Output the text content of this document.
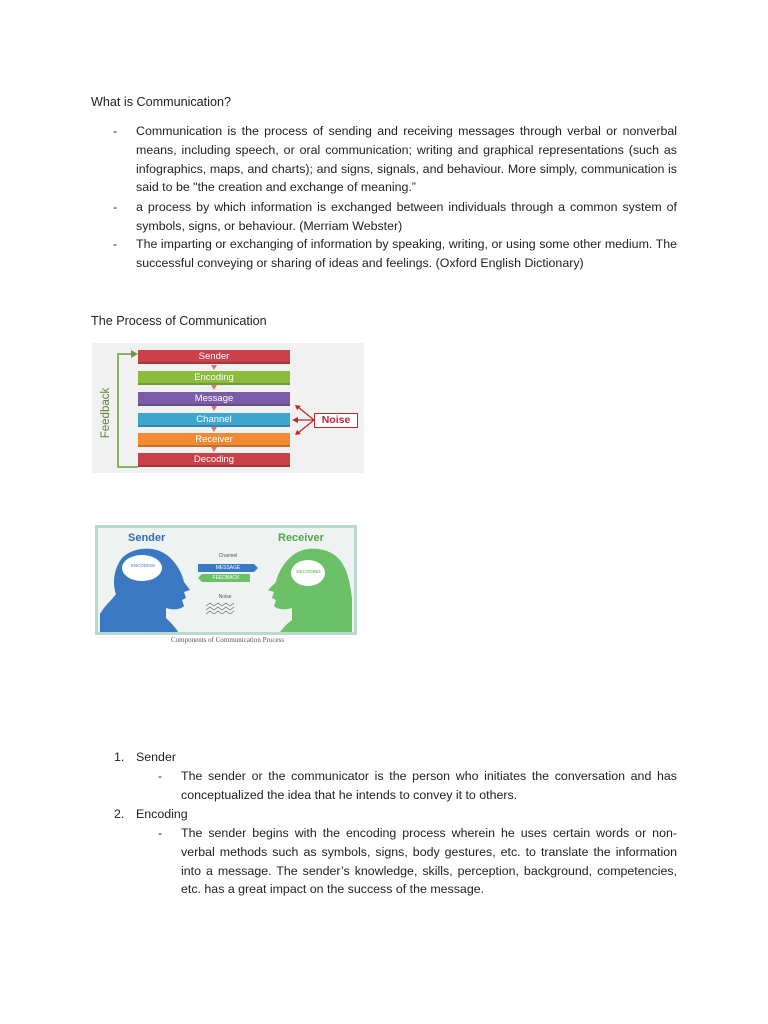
What is Communication?
-	Communication is the process of sending and receiving messages through verbal or nonverbal means, including speech, or oral communication; writing and graphical representations (such as infographics, maps, and charts); and signs, signals, and behaviour. More simply, communication is said to be "the creation and exchange of meaning.”
-	a process by which information is exchanged between individuals through a common system of symbols, signs, or behaviour. (Merriam Webster)
-	The imparting or exchanging of information by speaking, writing, or using some other medium. The successful conveying or sharing of ideas and feelings. (Oxford English Dictionary)
The Process of Communication
Feedback
Sender
Encoding
Message
Channel
Receiver
Decoding
Noise
Sender	Receiver
ENCODING
DECODING
Channel
MESSAGE
FEEDBACK
Noise
Components of Communication Process
1. Sender
-	The sender or the communicator is the person who initiates the conversation and has conceptualized the idea that he intends to convey it to others.
2. Encoding
-	The sender begins with the encoding process wherein he uses certain words or non-verbal methods such as symbols, signs, body gestures, etc. to translate the information into a message. The sender’s knowledge, skills, perception, background, competencies, etc. has a great impact on the success of the message.
